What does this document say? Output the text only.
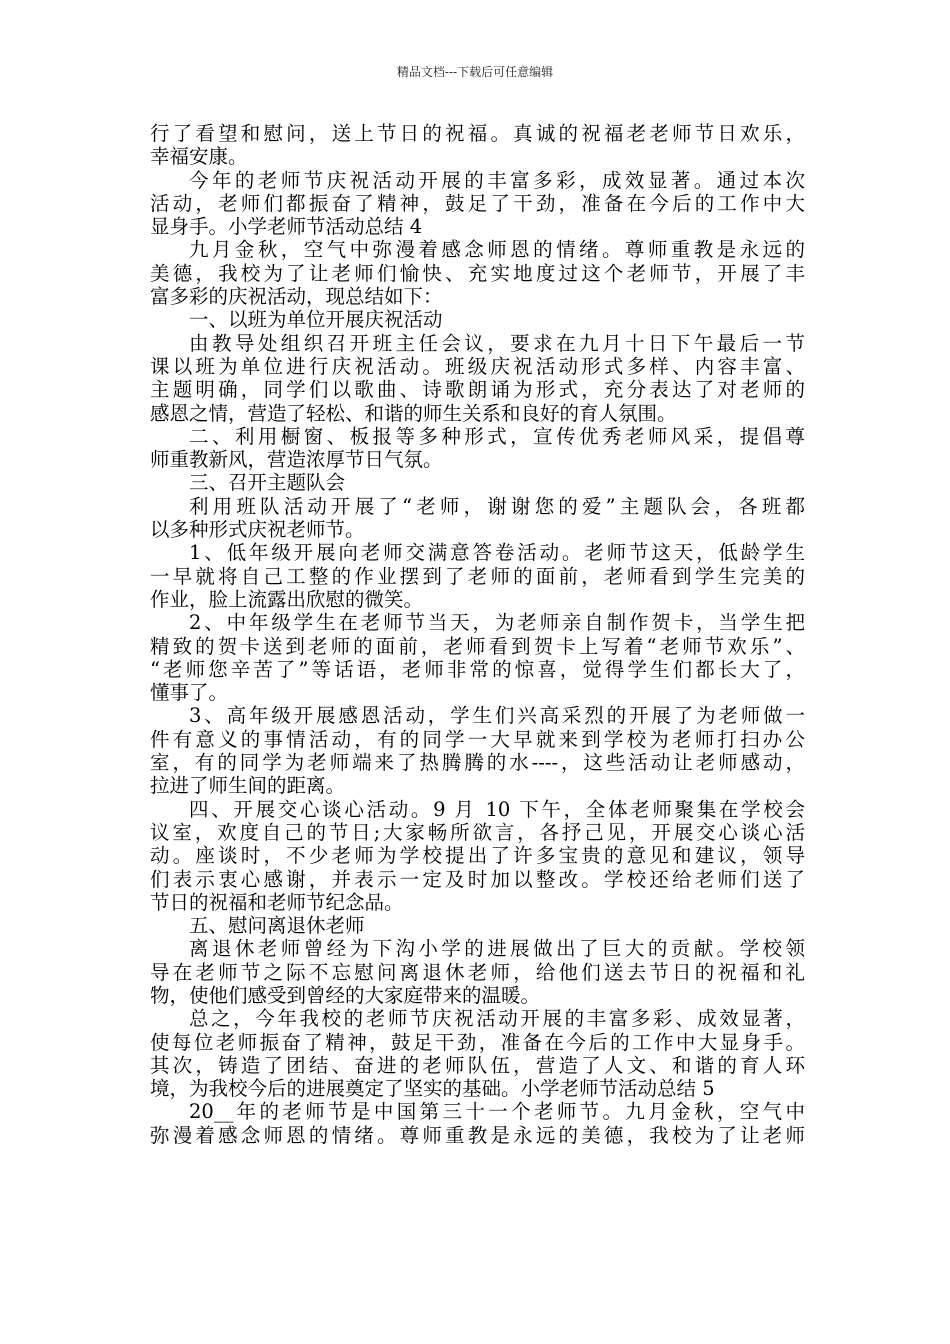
精品文档---下载后可任意编辑
行了看望和慰问，送上节日的祝福。真诚的祝福老老师节日欢乐，
幸福安康。
今年的老师节庆祝活动开展的丰富多彩，成效显著。通过本次
活动，老师们都振奋了精神，鼓足了干劲，准备在今后的工作中大
显身手。小学老师节活动总结 4
九月金秋，空气中弥漫着感念师恩的情绪。尊师重教是永远的
美德，我校为了让老师们愉快、充实地度过这个老师节，开展了丰
富多彩的庆祝活动，现总结如下：
一、以班为单位开展庆祝活动
由教导处组织召开班主任会议，要求在九月十日下午最后一节
课以班为单位进行庆祝活动。班级庆祝活动形式多样、内容丰富、
主题明确，同学们以歌曲、诗歌朗诵为形式，充分表达了对老师的
感恩之情，营造了轻松、和谐的师生关系和良好的育人氛围。
二、利用橱窗、板报等多种形式，宣传优秀老师风采，提倡尊
师重教新风，营造浓厚节日气氛。
三、召开主题队会
利用班队活动开展了“老师，谢谢您的爱”主题队会，各班都
以多种形式庆祝老师节。
1、低年级开展向老师交满意答卷活动。老师节这天，低龄学生
一早就将自己工整的作业摆到了老师的面前，老师看到学生完美的
作业，脸上流露出欣慰的微笑。
2、中年级学生在老师节当天，为老师亲自制作贺卡，当学生把
精致的贺卡送到老师的面前，老师看到贺卡上写着“老师节欢乐”、
“老师您辛苦了”等话语，老师非常的惊喜，觉得学生们都长大了，
懂事了。
3、高年级开展感恩活动，学生们兴高采烈的开展了为老师做一
件有意义的事情活动，有的同学一大早就来到学校为老师打扫办公
室，有的同学为老师端来了热腾腾的水----，这些活动让老师感动，
拉进了师生间的距离。
四、开展交心谈心活动。9 月 10 下午，全体老师聚集在学校会
议室，欢度自己的节日;大家畅所欲言，各抒己见，开展交心谈心活
动。座谈时，不少老师为学校提出了许多宝贵的意见和建议，领导
们表示衷心感谢，并表示一定及时加以整改。学校还给老师们送了
节日的祝福和老师节纪念品。
五、慰问离退休老师
离退休老师曾经为下沟小学的进展做出了巨大的贡献。学校领
导在老师节之际不忘慰问离退休老师，给他们送去节日的祝福和礼
物，使他们感受到曾经的大家庭带来的温暖。
总之，今年我校的老师节庆祝活动开展的丰富多彩、成效显著，
使每位老师振奋了精神，鼓足干劲，准备在今后的工作中大显身手。
其次，铸造了团结、奋进的老师队伍，营造了人文、和谐的育人环
境，为我校今后的进展奠定了坚实的基础。小学老师节活动总结 5
20__年的老师节是中国第三十一个老师节。九月金秋，空气中
弥漫着感念师恩的情绪。尊师重教是永远的美德，我校为了让老师
